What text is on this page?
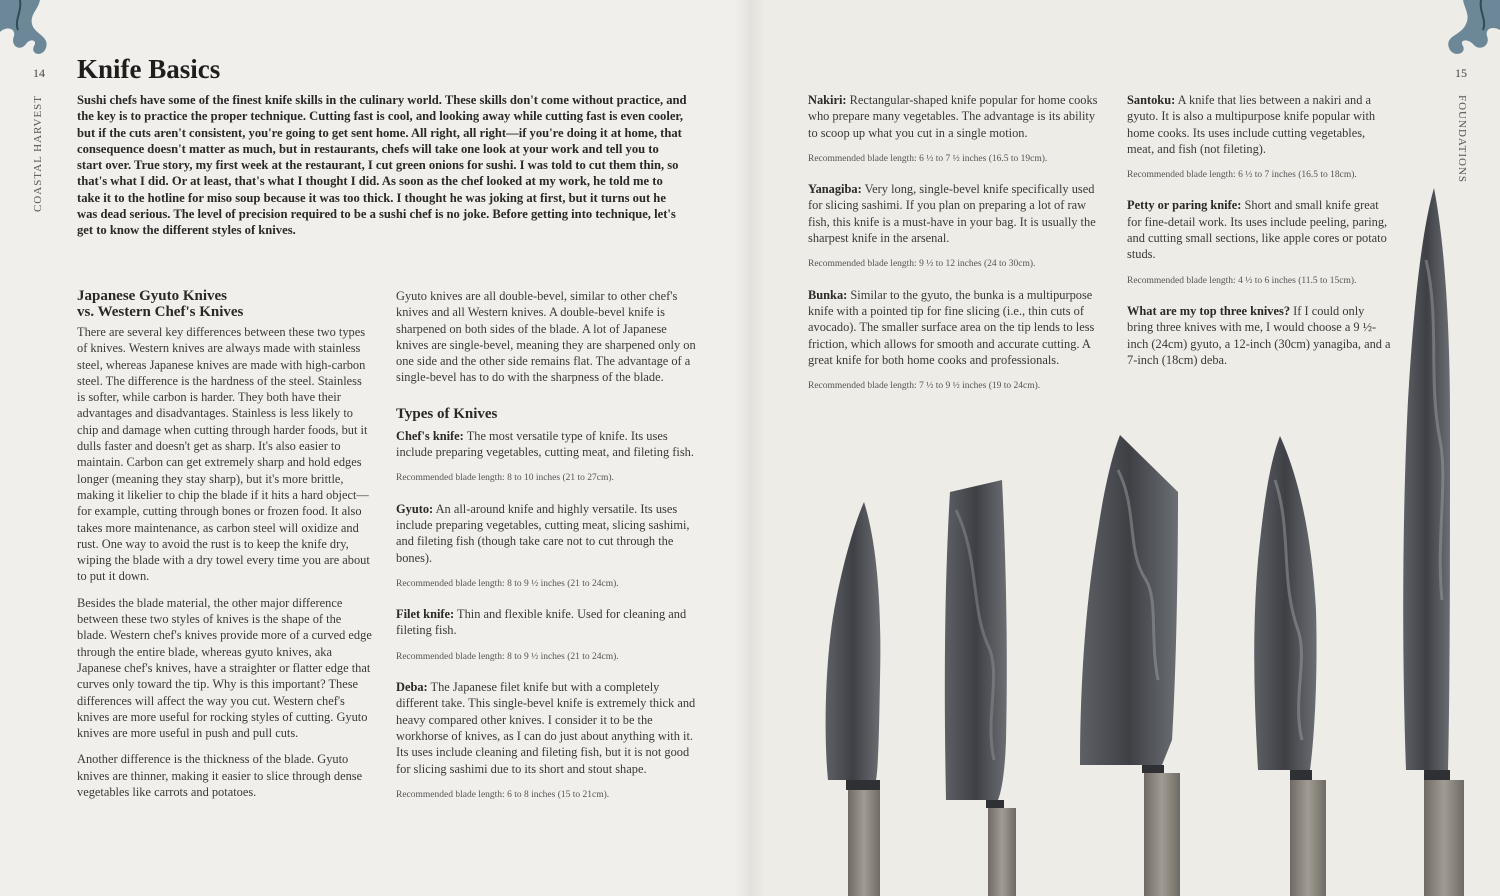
14
COASTAL HARVEST
Knife Basics

Sushi chefs have some of the finest knife skills in the culinary world. These skills don't come without practice, and the key is to practice the proper technique. Cutting fast is cool, and looking away while cutting fast is even cooler, but if the cuts aren't consistent, you're going to get sent home. All right, all right—if you're doing it at home, that consequence doesn't matter as much, but in restaurants, chefs will take one look at your work and tell you to start over. True story, my first week at the restaurant, I cut green onions for sushi. I was told to cut them thin, so that's what I did. Or at least, that's what I thought I did. As soon as the chef looked at my work, he told me to take it to the hotline for miso soup because it was too thick. I thought he was joking at first, but it turns out he was dead serious. The level of precision required to be a sushi chef is no joke. Before getting into technique, let's get to know the different styles of knives.

Japanese Gyuto Knives
vs. Western Chef's Knives

There are several key differences between these two types of knives. Western knives are always made with stainless steel, whereas Japanese knives are made with high-carbon steel. The difference is the hardness of the steel. Stainless is softer, while carbon is harder. They both have their advantages and disadvantages. Stainless is less likely to chip and damage when cutting through harder foods, but it dulls faster and doesn't get as sharp. It's also easier to maintain. Carbon can get extremely sharp and hold edges longer (meaning they stay sharp), but it's more brittle, making it likelier to chip the blade if it hits a hard object—for example, cutting through bones or frozen food. It also takes more maintenance, as carbon steel will oxidize and rust. One way to avoid the rust is to keep the knife dry, wiping the blade with a dry towel every time you are about to put it down.

Besides the blade material, the other major difference between these two styles of knives is the shape of the blade. Western chef's knives provide more of a curved edge through the entire blade, whereas gyuto knives, aka Japanese chef's knives, have a straighter or flatter edge that curves only toward the tip. Why is this important? These differences will affect the way you cut. Western chef's knives are more useful for rocking styles of cutting. Gyuto knives are more useful in push and pull cuts.

Another difference is the thickness of the blade. Gyuto knives are thinner, making it easier to slice through dense vegetables like carrots and potatoes.

Gyuto knives are all double-bevel, similar to other chef's knives and all Western knives. A double-bevel knife is sharpened on both sides of the blade. A lot of Japanese knives are single-bevel, meaning they are sharpened only on one side and the other side remains flat. The advantage of a single-bevel has to do with the sharpness of the blade.

Types of Knives
Chef's knife: The most versatile type of knife. Its uses include preparing vegetables, cutting meat, and fileting fish.
Recommended blade length: 8 to 10 inches (21 to 27cm).
Gyuto: An all-around knife and highly versatile. Its uses include preparing vegetables, cutting meat, slicing sashimi, and fileting fish (though take care not to cut through the bones).
Recommended blade length: 8 to 9 ½ inches (21 to 24cm).
Filet knife: Thin and flexible knife. Used for cleaning and fileting fish.
Recommended blade length: 8 to 9 ½ inches (21 to 24cm).
Deba: The Japanese filet knife but with a completely different take. This single-bevel knife is extremely thick and heavy compared other knives. I consider it to be the workhorse of knives, as I can do just about anything with it. Its uses include cleaning and fileting fish, but it is not good for slicing sashimi due to its short and stout shape.
Recommended blade length: 6 to 8 inches (15 to 21cm).
15
FOUNDATIONS
Nakiri: Rectangular-shaped knife popular for home cooks who prepare many vegetables. The advantage is its ability to scoop up what you cut in a single motion.
Recommended blade length: 6 ½ to 7 ½ inches (16.5 to 19cm).
Yanagiba: Very long, single-bevel knife specifically used for slicing sashimi. If you plan on preparing a lot of raw fish, this knife is a must-have in your bag. It is usually the sharpest knife in the arsenal.
Recommended blade length: 9 ½ to 12 inches (24 to 30cm).
Bunka: Similar to the gyuto, the bunka is a multipurpose knife with a pointed tip for fine slicing (i.e., thin cuts of avocado). The smaller surface area on the tip lends to less friction, which allows for smooth and accurate cutting. A great knife for both home cooks and professionals.
Recommended blade length: 7 ½ to 9 ½ inches (19 to 24cm).
Santoku: A knife that lies between a nakiri and a gyuto. It is also a multipurpose knife popular with home cooks. Its uses include cutting vegetables, meat, and fish (not fileting).
Recommended blade length: 6 ½ to 7 inches (16.5 to 18cm).
Petty or paring knife: Short and small knife great for fine-detail work. Its uses include peeling, paring, and cutting small sections, like apple cores or potato studs.
Recommended blade length: 4 ½ to 6 inches (11.5 to 15cm).
What are my top three knives? If I could only bring three knives with me, I would choose a 9 ½-inch (24cm) gyuto, a 12-inch (30cm) yanagiba, and a 7-inch (18cm) deba.
